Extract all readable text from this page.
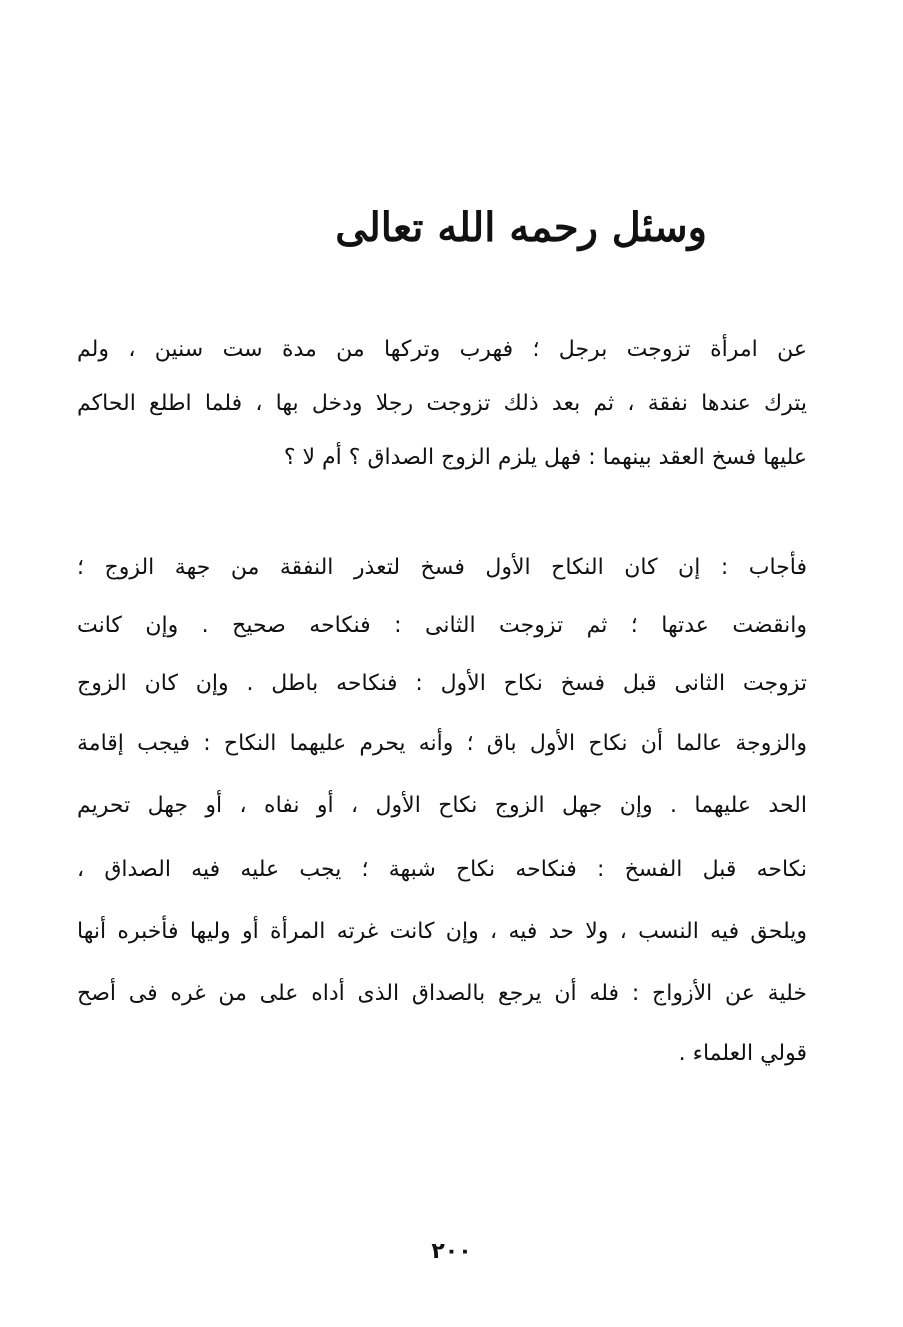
وسئل رحمه الله تعالى
عن امرأة تزوجت برجل ؛ فهرب وتركها من مدة ست سنين ، ولم
يترك عندها نفقة ، ثم بعد ذلك تزوجت رجلا ودخل بها ، فلما اطلع الحاكم
عليها فسخ العقد بينهما : فهل يلزم الزوج الصداق ؟ أم لا ؟
فأجاب : إن كان النكاح الأول فسخ لتعذر النفقة من جهة الزوج ؛
وانقضت عدتها ؛ ثم تزوجت الثانى : فنكاحه صحيح . وإن كانت
تزوجت الثانى قبل فسخ نكاح الأول : فنكاحه باطل . وإن كان الزوج
والزوجة عالما أن نكاح الأول باق ؛ وأنه يحرم عليهما النكاح : فيجب إقامة
الحد عليهما . وإن جهل الزوج نكاح الأول ، أو نفاه ، أو جهل تحريم
نكاحه قبل الفسخ : فنكاحه نكاح شبهة ؛ يجب عليه فيه الصداق ،
ويلحق فيه النسب ، ولا حد فيه ، وإن كانت غرته المرأة أو وليها فأخبره أنها
خلية عن الأزواج : فله أن يرجع بالصداق الذى أداه على من غره فى أصح
قولي العلماء .
٢٠٠
